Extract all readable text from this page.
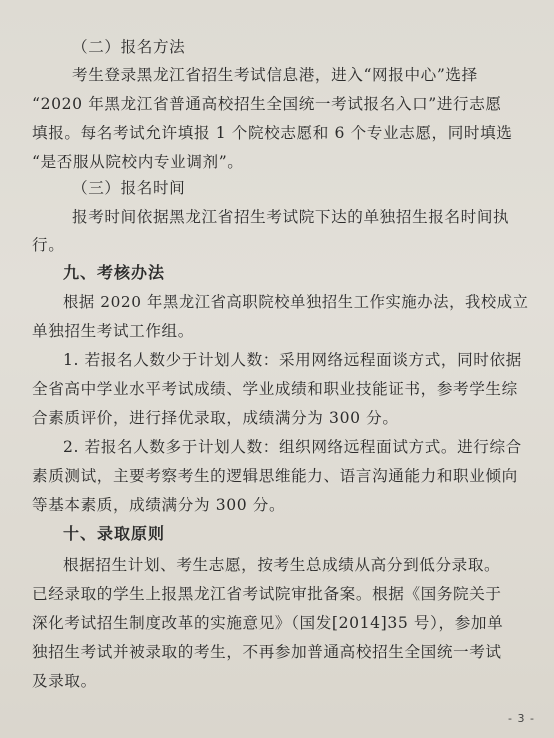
（二）报名方法
考生登录黑龙江省招生考试信息港，进入“网报中心”选择
“2020 年黑龙江省普通高校招生全国统一考试报名入口”进行志愿
填报。每名考试允许填报 1 个院校志愿和 6 个专业志愿，同时填选
“是否服从院校内专业调剂”。
（三）报名时间
报考时间依据黑龙江省招生考试院下达的单独招生报名时间执
行。
九、考核办法
根据 2020 年黑龙江省高职院校单独招生工作实施办法，我校成立
单独招生考试工作组。
1. 若报名人数少于计划人数：采用网络远程面谈方式，同时依据
全省高中学业水平考试成绩、学业成绩和职业技能证书，参考学生综
合素质评价，进行择优录取，成绩满分为 300 分。
2. 若报名人数多于计划人数：组织网络远程面试方式。进行综合
素质测试，主要考察考生的逻辑思维能力、语言沟通能力和职业倾向
等基本素质，成绩满分为 300 分。
十、录取原则
根据招生计划、考生志愿，按考生总成绩从高分到低分录取。
已经录取的学生上报黑龙江省考试院审批备案。根据《国务院关于
深化考试招生制度改革的实施意见》（国发[2014]35 号），参加单
独招生考试并被录取的考生，不再参加普通高校招生全国统一考试
及录取。
- 3 -
